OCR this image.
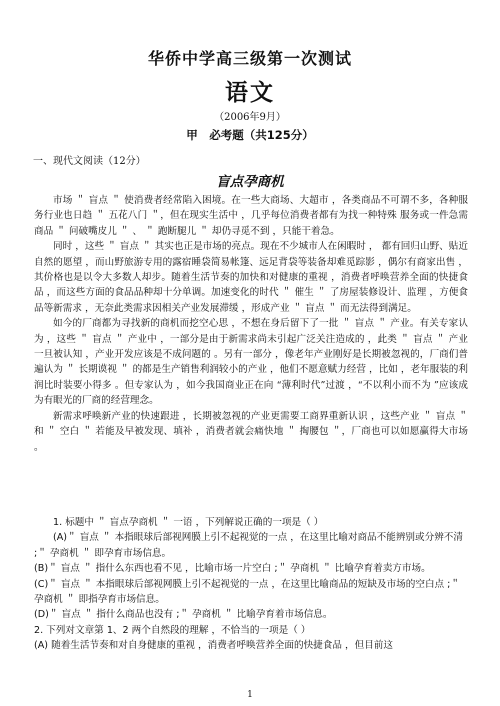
华侨中学高三级第一次测试
语文
（2006年9月）
甲　必考题（共125分）
一、现代文阅读（12分）
盲点孕商机

市场 ＂ 盲点 ＂ 使消费者经常陷入困境。在一些大商场、大超市 ，各类商品不可谓不多，各种服务行业也日趋 ＂ 五花八门 ＂，但在现实生活中 ，几乎每位消费者都有为找一种特殊 服务或一件急需商品 ＂ 问破嘴皮儿 ＂ 、 ＂ 跑断腿儿 ＂ 却仍寻觅不到 ，只能干着急。

同时 ，这些 ＂ 盲点 ＂ 其实也正是市场的亮点。现在不少城市人在闲暇时 ， 都有回归山野、贴近自然的愿望 ，而山野旅游专用的露宿睡袋简易帐篷、远足背袋等装备却难觅踪影 ，偶尔有商家出售 ，其价格也是以令大多数人却步。随着生活节奏的加快和对健康的重视 ，消费者呼唤营养全面的快捷食品 ，而这些方面的食品品种却十分单调。加速变化的时代 ＂ 催生 ＂ 了房屋装修设计、监理 ，方便食品等新需求 ，无奈此类需求因相关产业发展滞缓 ，形成产业 ＂ 盲点 ＂ 而无法得到满足。

如今的厂商都为寻找新的商机而挖空心思 ，不想在身后留下了一批 ＂ 盲点 ＂ 产业。有关专家认为 ，这些 ＂ 盲点 ＂ 产业中 ，一部分是由于新需求尚未引起广泛关注造成的 ，此类 ＂ 盲点 ＂ 产业一旦被认知 ，产业开发应该是不成问题的 。另有一部分 ，像老年产业刚好是长期被忽视的，厂商们普遍认为 ＂ 长期谟视 ＂ 的都是生产销售利润较小的产业 ，他们不愿意赋力经营 ，比如 ，老年服装的利润比时装要小得多 。但专家认为 ，如今我国商业正在向 “薄利时代”过渡 ，“不以利小而不为 ”应该成为有眼光的厂商的经营理念。

新需求呼唤新产业的快速跟进 ，长期被忽视的产业更需要工商界重新认识 ，这些产业 ＂ 盲点 ＂ 和 ＂ 空白 ＂ 若能及早被发现、填补 ，消费者就会痛快地 ＂ 掏腰包 ＂，厂商也可以如愿赢得大市场 。

1. 标题中 ＂ 盲点孕商机 ＂ 一语 ，下列解说正确的一项是（ ）

(A)＂ 盲点 ＂ 本指眼球后部视网膜上引不起视觉的一点 ，在这里比喻对商品不能辨别或分辨不清 ;＂ 孕商机 ＂ 即孕育市场信息。

(B)＂ 盲点 ＂ 指什么东西也看不见 ，比喻市场一片空白 ;＂ 孕商机 ＂ 比喻孕育着卖方市场。

(C)＂ 盲点 ＂ 本指眼球后部视网膜上引不起视觉的一点 ，在这里比喻商品的短缺及市场的空白点 ;＂ 孕商机 ＂ 即指孕育市场信息。

(D)＂ 盲点 ＂ 指什么商品也没有 ;＂ 孕商机 ＂ 比喻孕育着市场信息。

2. 下列对文章第 1、2 两个自然段的理解 ，不恰当的一项是（ ）

(A) 随着生活节奏和对自身健康的重视 ，消费者呼唤营养全面的快捷食品 ，但目前这

1
